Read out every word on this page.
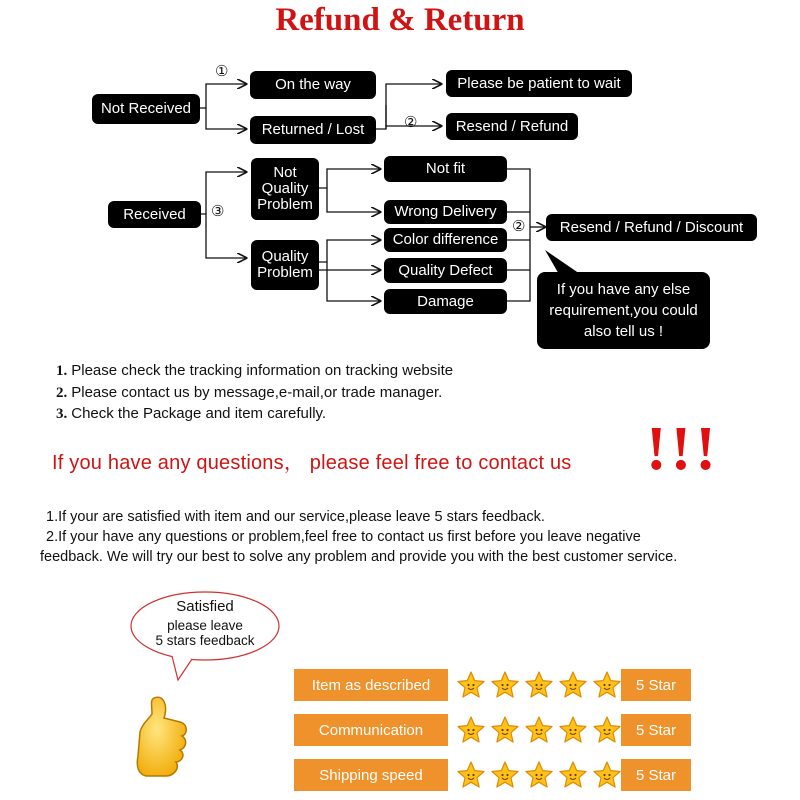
Refund & Return
Not Received
①
On the way
Returned / Lost
Please be patient to wait
②	Resend / Refund
Received	③
Not Quality Problem
Quality Problem
Not fit
Wrong Delivery
Color difference
Quality Defect
Damage
②	Resend / Refund / Discount
If you have any else requirement,you could also tell us !
1. Please check the tracking information on tracking website
2. Please contact us by message,e-mail,or trade manager.
3. Check the Package and item carefully.
If you have any questions， please feel free to contact us !!!
1.If your are satisfied with item and our service,please leave 5 stars feedback.
2.If your have any questions or problem,feel free to contact us first before you leave negative
feedback. We will try our best to solve any problem and provide you with the best customer service.
Satisfied
please leave
5 stars feedback
Item as described	5 Star
Communication	5 Star
Shipping speed	5 Star
